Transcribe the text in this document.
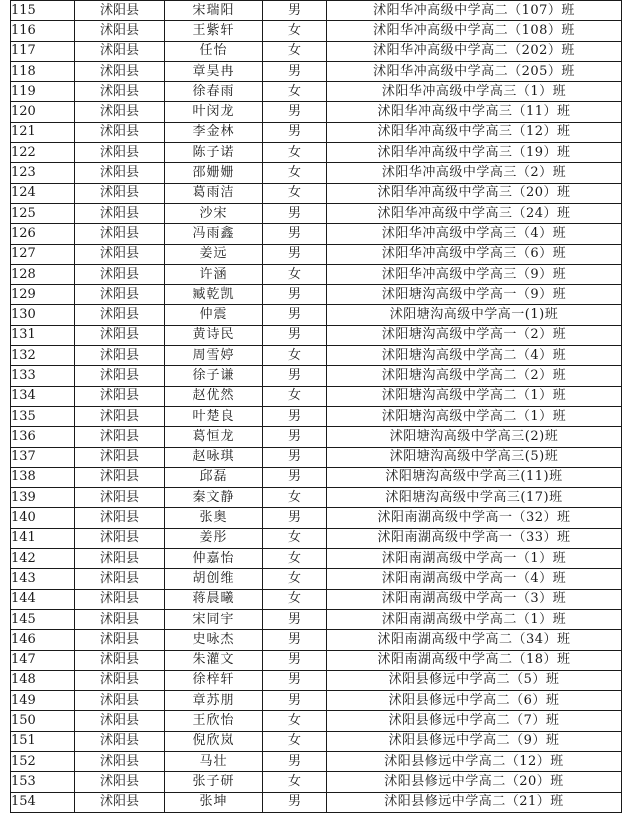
115	沭阳县	宋瑞阳	男	沭阳华冲高级中学高二（107）班
116	沭阳县	王紫轩	女	沭阳华冲高级中学高二（108）班
117	沭阳县	任怡	女	沭阳华冲高级中学高二（202）班
118	沭阳县	章昊冉	男	沭阳华冲高级中学高二（205）班
119	沭阳县	徐春雨	女	沭阳华冲高级中学高三（1）班
120	沭阳县	叶闵龙	男	沭阳华冲高级中学高三（11）班
121	沭阳县	李金林	男	沭阳华冲高级中学高三（12）班
122	沭阳县	陈子诺	女	沭阳华冲高级中学高三（19）班
123	沭阳县	邵姗姗	女	沭阳华冲高级中学高三（2）班
124	沭阳县	葛雨洁	女	沭阳华冲高级中学高三（20）班
125	沭阳县	沙宋	男	沭阳华冲高级中学高三（24）班
126	沭阳县	冯雨鑫	男	沭阳华冲高级中学高三（4）班
127	沭阳县	姜远	男	沭阳华冲高级中学高三（6）班
128	沭阳县	许涵	女	沭阳华冲高级中学高三（9）班
129	沭阳县	臧乾凯	男	沭阳塘沟高级中学高一（9）班
130	沭阳县	仲震	男	沭阳塘沟高级中学高一(1)班
131	沭阳县	黄诗民	男	沭阳塘沟高级中学高一（2）班
132	沭阳县	周雪婷	女	沭阳塘沟高级中学高二（4）班
133	沭阳县	徐子谦	男	沭阳塘沟高级中学高二（2）班
134	沭阳县	赵优然	女	沭阳塘沟高级中学高二（1）班
135	沭阳县	叶楚良	男	沭阳塘沟高级中学高二（1）班
136	沭阳县	葛恒龙	男	沭阳塘沟高级中学高三(2)班
137	沭阳县	赵咏琪	男	沭阳塘沟高级中学高三(5)班
138	沭阳县	邱磊	男	沭阳塘沟高级中学高三(11)班
139	沭阳县	秦文静	女	沭阳塘沟高级中学高三(17)班
140	沭阳县	张奥	男	沭阳南湖高级中学高一（32）班
141	沭阳县	姜彤	女	沭阳南湖高级中学高一（33）班
142	沭阳县	仲嘉怡	女	沭阳南湖高级中学高一（1）班
143	沭阳县	胡创维	女	沭阳南湖高级中学高一（4）班
144	沭阳县	蒋晨曦	女	沭阳南湖高级中学高一（3）班
145	沭阳县	宋同宇	男	沭阳南湖高级中学高二（1）班
146	沭阳县	史咏杰	男	沭阳南湖高级中学高二（34）班
147	沭阳县	朱灌文	男	沭阳南湖高级中学高二（18）班
148	沭阳县	徐梓轩	男	沭阳县修远中学高二（5）班
149	沭阳县	章苏朋	男	沭阳县修远中学高二（6）班
150	沭阳县	王欣怡	女	沭阳县修远中学高二（7）班
151	沭阳县	倪欣岚	女	沭阳县修远中学高二（9）班
152	沭阳县	马壮	男	沭阳县修远中学高二（12）班
153	沭阳县	张子研	女	沭阳县修远中学高二（20）班
154	沭阳县	张坤	男	沭阳县修远中学高二（21）班
